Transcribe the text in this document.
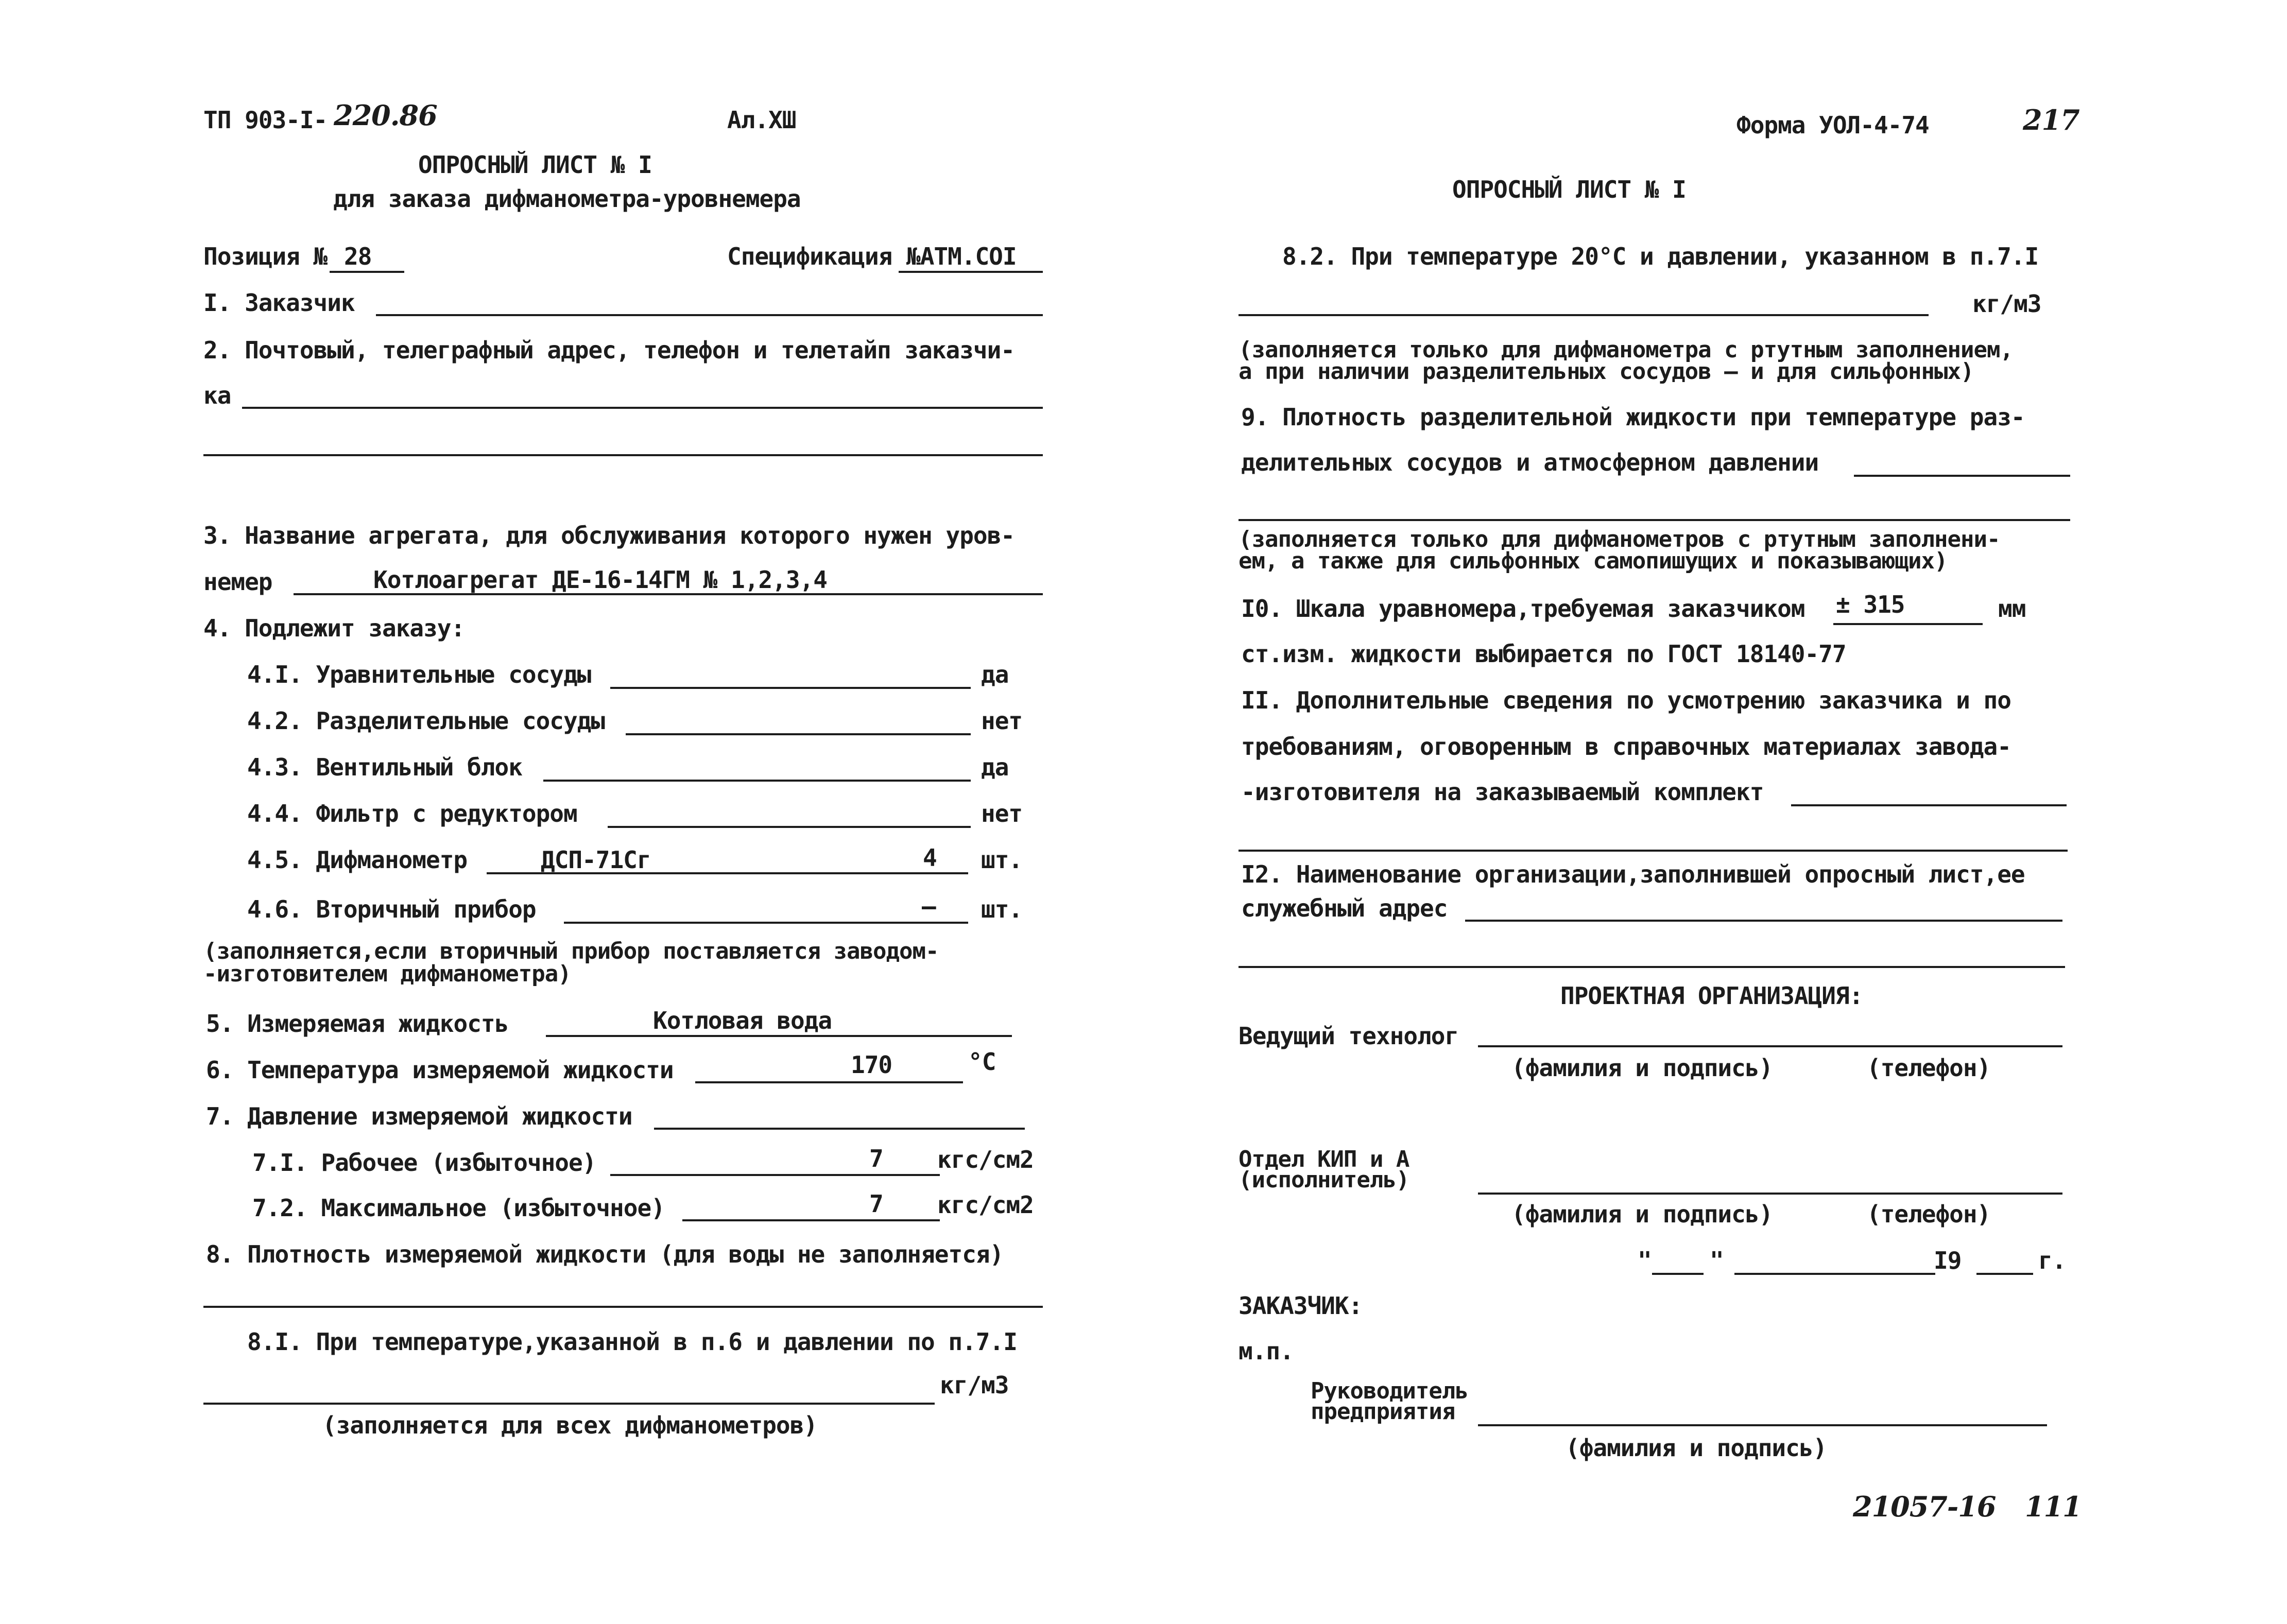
ТП 903-I- 220.86	Ал.ХШ	Форма УОЛ-4-74	217
ОПРОСНЫЙ ЛИСТ № I
для заказа дифманометра-уровнемера
Позиция № 28	Спецификация №АТМ.СОI
I. Заказчик
2. Почтовый, телеграфный адрес, телефон и телетайп заказчи-
ка
3. Название агрегата, для обслуживания которого нужен уров-
немер	Котлоагрегат ДЕ-16-14ГМ № 1,2,3,4
4. Подлежит заказу:
4.I. Уравнительные сосуды	да
4.2. Разделительные сосуды	нет
4.3. Вентильный блок	да
4.4. Фильтр с редуктором	нет
4.5. Дифманометр	ДСП-71Сг	4 шт.
4.6. Вторичный прибор	– шт.
(заполняется,если вторичный прибор поставляется заводом-
-изготовителем дифманометра)
5. Измеряемая жидкость	Котловая вода
6. Температура измеряемой жидкости	170	°С
7. Давление измеряемой жидкости
7.I. Рабочее (избыточное)	7 кгс/см2
7.2. Максимальное (избыточное)	7 кгс/см2
8. Плотность измеряемой жидкости (для воды не заполняется)
8.I. При температуре,указанной в п.6 и давлении по п.7.I
кг/м3
(заполняется для всех дифманометров)
ОПРОСНЫЙ ЛИСТ № I
8.2. При температуре 20°С и давлении, указанном в п.7.I
кг/м3
(заполняется только для дифманометра с ртутным заполнением,
а при наличии разделительных сосудов – и для сильфонных)
9. Плотность разделительной жидкости при температуре раз-
делительных сосудов и атмосферном давлении
(заполняется только для дифманометров с ртутным заполнени-
ем, а также для сильфонных самопишущих и показывающих)
I0. Шкала уравномера,требуемая заказчиком ± 315	мм
ст.изм. жидкости выбирается по ГОСТ 18140-77
II. Дополнительные сведения по усмотрению заказчика и по
требованиям, оговоренным в справочных материалах завода-
-изготовителя на заказываемый комплект
I2. Наименование организации,заполнившей опросный лист,ее
служебный адрес
ПРОЕКТНАЯ ОРГАНИЗАЦИЯ:
Ведущий технолог
(фамилия и подпись)	(телефон)
Отдел КИП и А
(исполнитель)
(фамилия и подпись)	(телефон)
" "	I9	г.
ЗАКАЗЧИК:
м.п.
Руководитель
предприятия
(фамилия и подпись)
21057-16 111
